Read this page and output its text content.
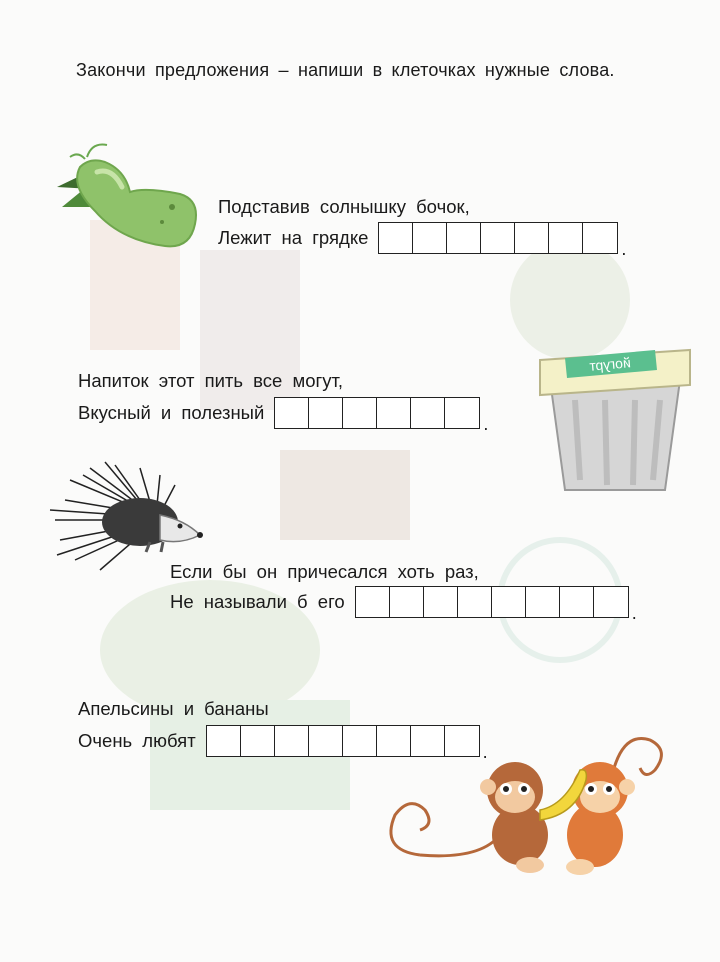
Закончи предложения – напиши в клеточках нужные слова.
Подставив солнышку бочок,
Лежит на грядке
.
йогурт
Напиток этот пить все могут,
Вкусный и полезный
.
Если бы он причесался хоть раз,
Не называли б его
.
Апельсины и бананы
Очень любят
.
